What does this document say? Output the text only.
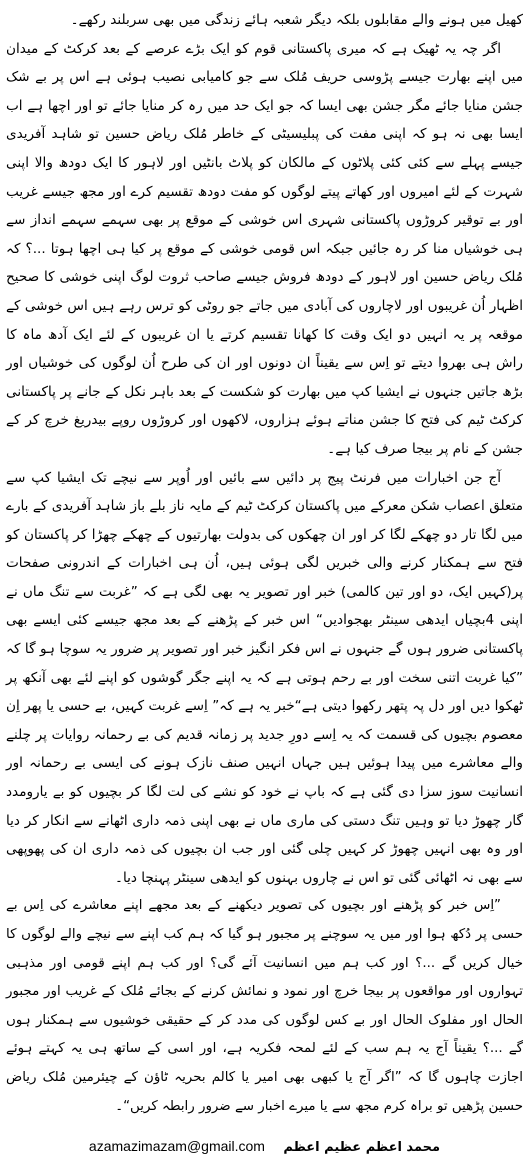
کھیل میں ہونے والے مقابلوں بلکہ دیگر شعبہ ہائے زندگی میں بھی سربلند رکھے۔

اگر چہ یہ ٹھیک ہے کہ میری پاکستانی قوم کو ایک بڑے عرصے کے بعد کرکٹ کے میدان میں اپنے بھارت جیسے پڑوسی حریف مُلک سے جو کامیابی نصیب ہوئی ہے اس پر بے شک جشن منایا جائے مگر جشن بھی ایسا کہ جو ایک حد میں رہ کر منایا جائے تو اور اچھا ہے اب ایسا بھی نہ ہو کہ اپنی مفت کی پبلیسیٹی کے خاطر مُلک ریاض حسین تو شاہد آفریدی جیسے پہلے سے کئی کئی پلاٹوں کے مالکان کو پلاٹ بانٹیں اور لاہور کا ایک دودھ والا اپنی شہرت کے لئے امیروں اور کھاتے پیتے لوگوں کو مفت دودھ تقسیم کرے اور مجھ جیسے غریب اور بے توقیر کروڑوں پاکستانی شہری اس خوشی کے موقع پر بھی سہمے سہمے انداز سے ہی خوشیاں منا کر رہ جائیں جبکہ اس قومی خوشی کے موقع پر کیا ہی اچھا ہوتا ...؟ کہ مُلک ریاض حسین اور لاہور کے دودھ فروش جیسے صاحب ثروت لوگ اپنی خوشی کا صحیح اظہار اُن غریبوں اور لاچاروں کی آبادی میں جاتے جو روٹی کو ترس رہے ہیں اس خوشی کے موقعہ پر یہ انہیں دو ایک وقت کا کھانا تقسیم کرتے یا ان غریبوں کے لئے ایک آدھ ماہ کا راش ہی بھروا دیتے تو اِس سے یقیناً ان دونوں اور ان کی طرح اُن لوگوں کی خوشیاں اور بڑھ جاتیں جنہوں نے ایشیا کپ میں بھارت کو شکست کے بعد باہر نکل کے جانے پر پاکستانی کرکٹ ٹیم کی فتح کا جشن مناتے ہوئے ہزاروں، لاکھوں اور کروڑوں روپے بیدریغ خرچ کر کے جشن کے نام پر بیجا صرف کیا ہے۔

آج جن اخبارات میں فرنٹ پیج پر دائیں سے بائیں اور اُوپر سے نیچے تک ایشیا کپ سے متعلق اعصاب شکن معرکے میں پاکستان کرکٹ ٹیم کے مایہ ناز بلے باز شاہد آفریدی کے بارے میں لگا تار دو چھکے لگا کر اور ان چھکوں کی بدولت بھارتیوں کے چھکے چھڑا کر پاکستان کو فتح سے ہمکنار کرنے والی خبریں لگی ہوئی ہیں، اُن ہی اخبارات کے اندرونی صفحات پر(کہیں ایک، دو اور تین کالمی) خبر اور تصویر یہ بھی لگی ہے کہ ”غربت سے تنگ ماں نے اپنی 4بچیاں ایدھی سینٹر بھجوادیں“ اس خبر کے پڑھنے کے بعد مجھ جیسے کئی ایسے بھی پاکستانی ضرور ہوں گے جنہوں نے اس فکر انگیز خبر اور تصویر پر ضرور یہ سوچا ہو گا کہ ”کیا غربت اتنی سخت اور بے رحم ہوتی ہے کہ یہ اپنے جگر گوشوں کو اپنے لئے بھی آنکھ پر ٹھکوا دیں اور دل پہ پتھر رکھوا دیتی ہے“خبر یہ ہے کہ” اِسے غربت کہیں، بے حسی یا پھر اِن معصوم بچیوں کی قسمت کہ یہ اِسے دورِ جدید پر زمانہ قدیم کی بے رحمانہ روایات پر چلنے والے معاشرے میں پیدا ہوئیں ہیں جہاں انہیں صنف نازک ہونے کی ایسی بے رحمانہ اور انسانیت سوز سزا دی گئی ہے کہ باپ نے خود کو نشے کی لت لگا کر بچیوں کو بے یارومدد گار چھوڑ دیا تو وہیں تنگ دستی کی ماری ماں نے بھی اپنی ذمہ داری اٹھانے سے انکار کر دیا اور وہ بھی انہیں چھوڑ کر کہیں چلی گئی اور جب ان بچیوں کی ذمہ داری ان کی پھوپھی سے بھی نہ اٹھائی گئی تو اس نے چاروں بہنوں کو ایدھی سینٹر پہنچا دیا۔

”اِس خبر کو پڑھنے اور بچیوں کی تصویر دیکھنے کے بعد مجھے اپنے معاشرے کی اِس بے حسی پر دُکھ ہوا اور میں یہ سوچنے پر مجبور ہو گیا کہ ہم کب اپنے سے نیچے والے لوگوں کا خیال کریں گے ...؟ اور کب ہم میں انسانیت آئے گی؟ اور کب ہم اپنے قومی اور مذہبی تہواروں اور مواقعوں پر بیجا خرچ اور نمود و نمائش کرنے کے بجائے مُلک کے غریب اور مجبور الحال اور مفلوک الحال اور بے کس لوگوں کی مدد کر کے حقیقی خوشیوں سے ہمکنار ہوں گے ...؟ یقیناً آج یہ ہم سب کے لئے لمحہ فکریہ ہے، اور اسی کے ساتھ ہی یہ کہتے ہوئے اجازت چاہوں گا کہ ”اگر آج یا کبھی بھی امیر یا کالم بحریہ ٹاؤن کے چیئرمین مُلک ریاض حسین پڑھیں تو براہ کرم مجھ سے یا میرے اخبار سے ضرور رابطہ کریں“۔

azamazimazam@gmail.com محمد اعظم عظیم اعظم
